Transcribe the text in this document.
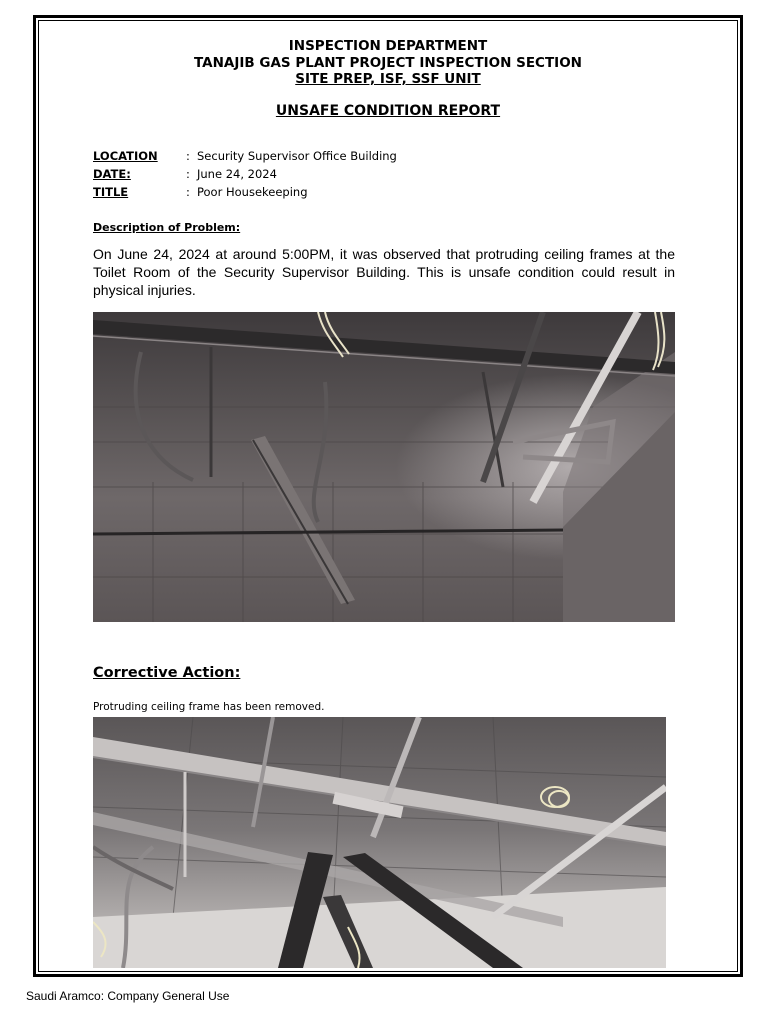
INSPECTION DEPARTMENT
TANAJIB GAS PLANT PROJECT INSPECTION SECTION
SITE PREP, ISF, SSF UNIT
UNSAFE CONDITION REPORT
LOCATION	: Security Supervisor Office Building
DATE:	: June 24, 2024
TITLE	: Poor Housekeeping
Description of Problem:
On June 24, 2024 at around 5:00PM, it was observed that protruding ceiling frames at the Toilet Room of the Security Supervisor Building. This is unsafe condition could result in physical injuries.
Corrective Action:
Protruding ceiling frame has been removed.
Saudi Aramco: Company General Use
